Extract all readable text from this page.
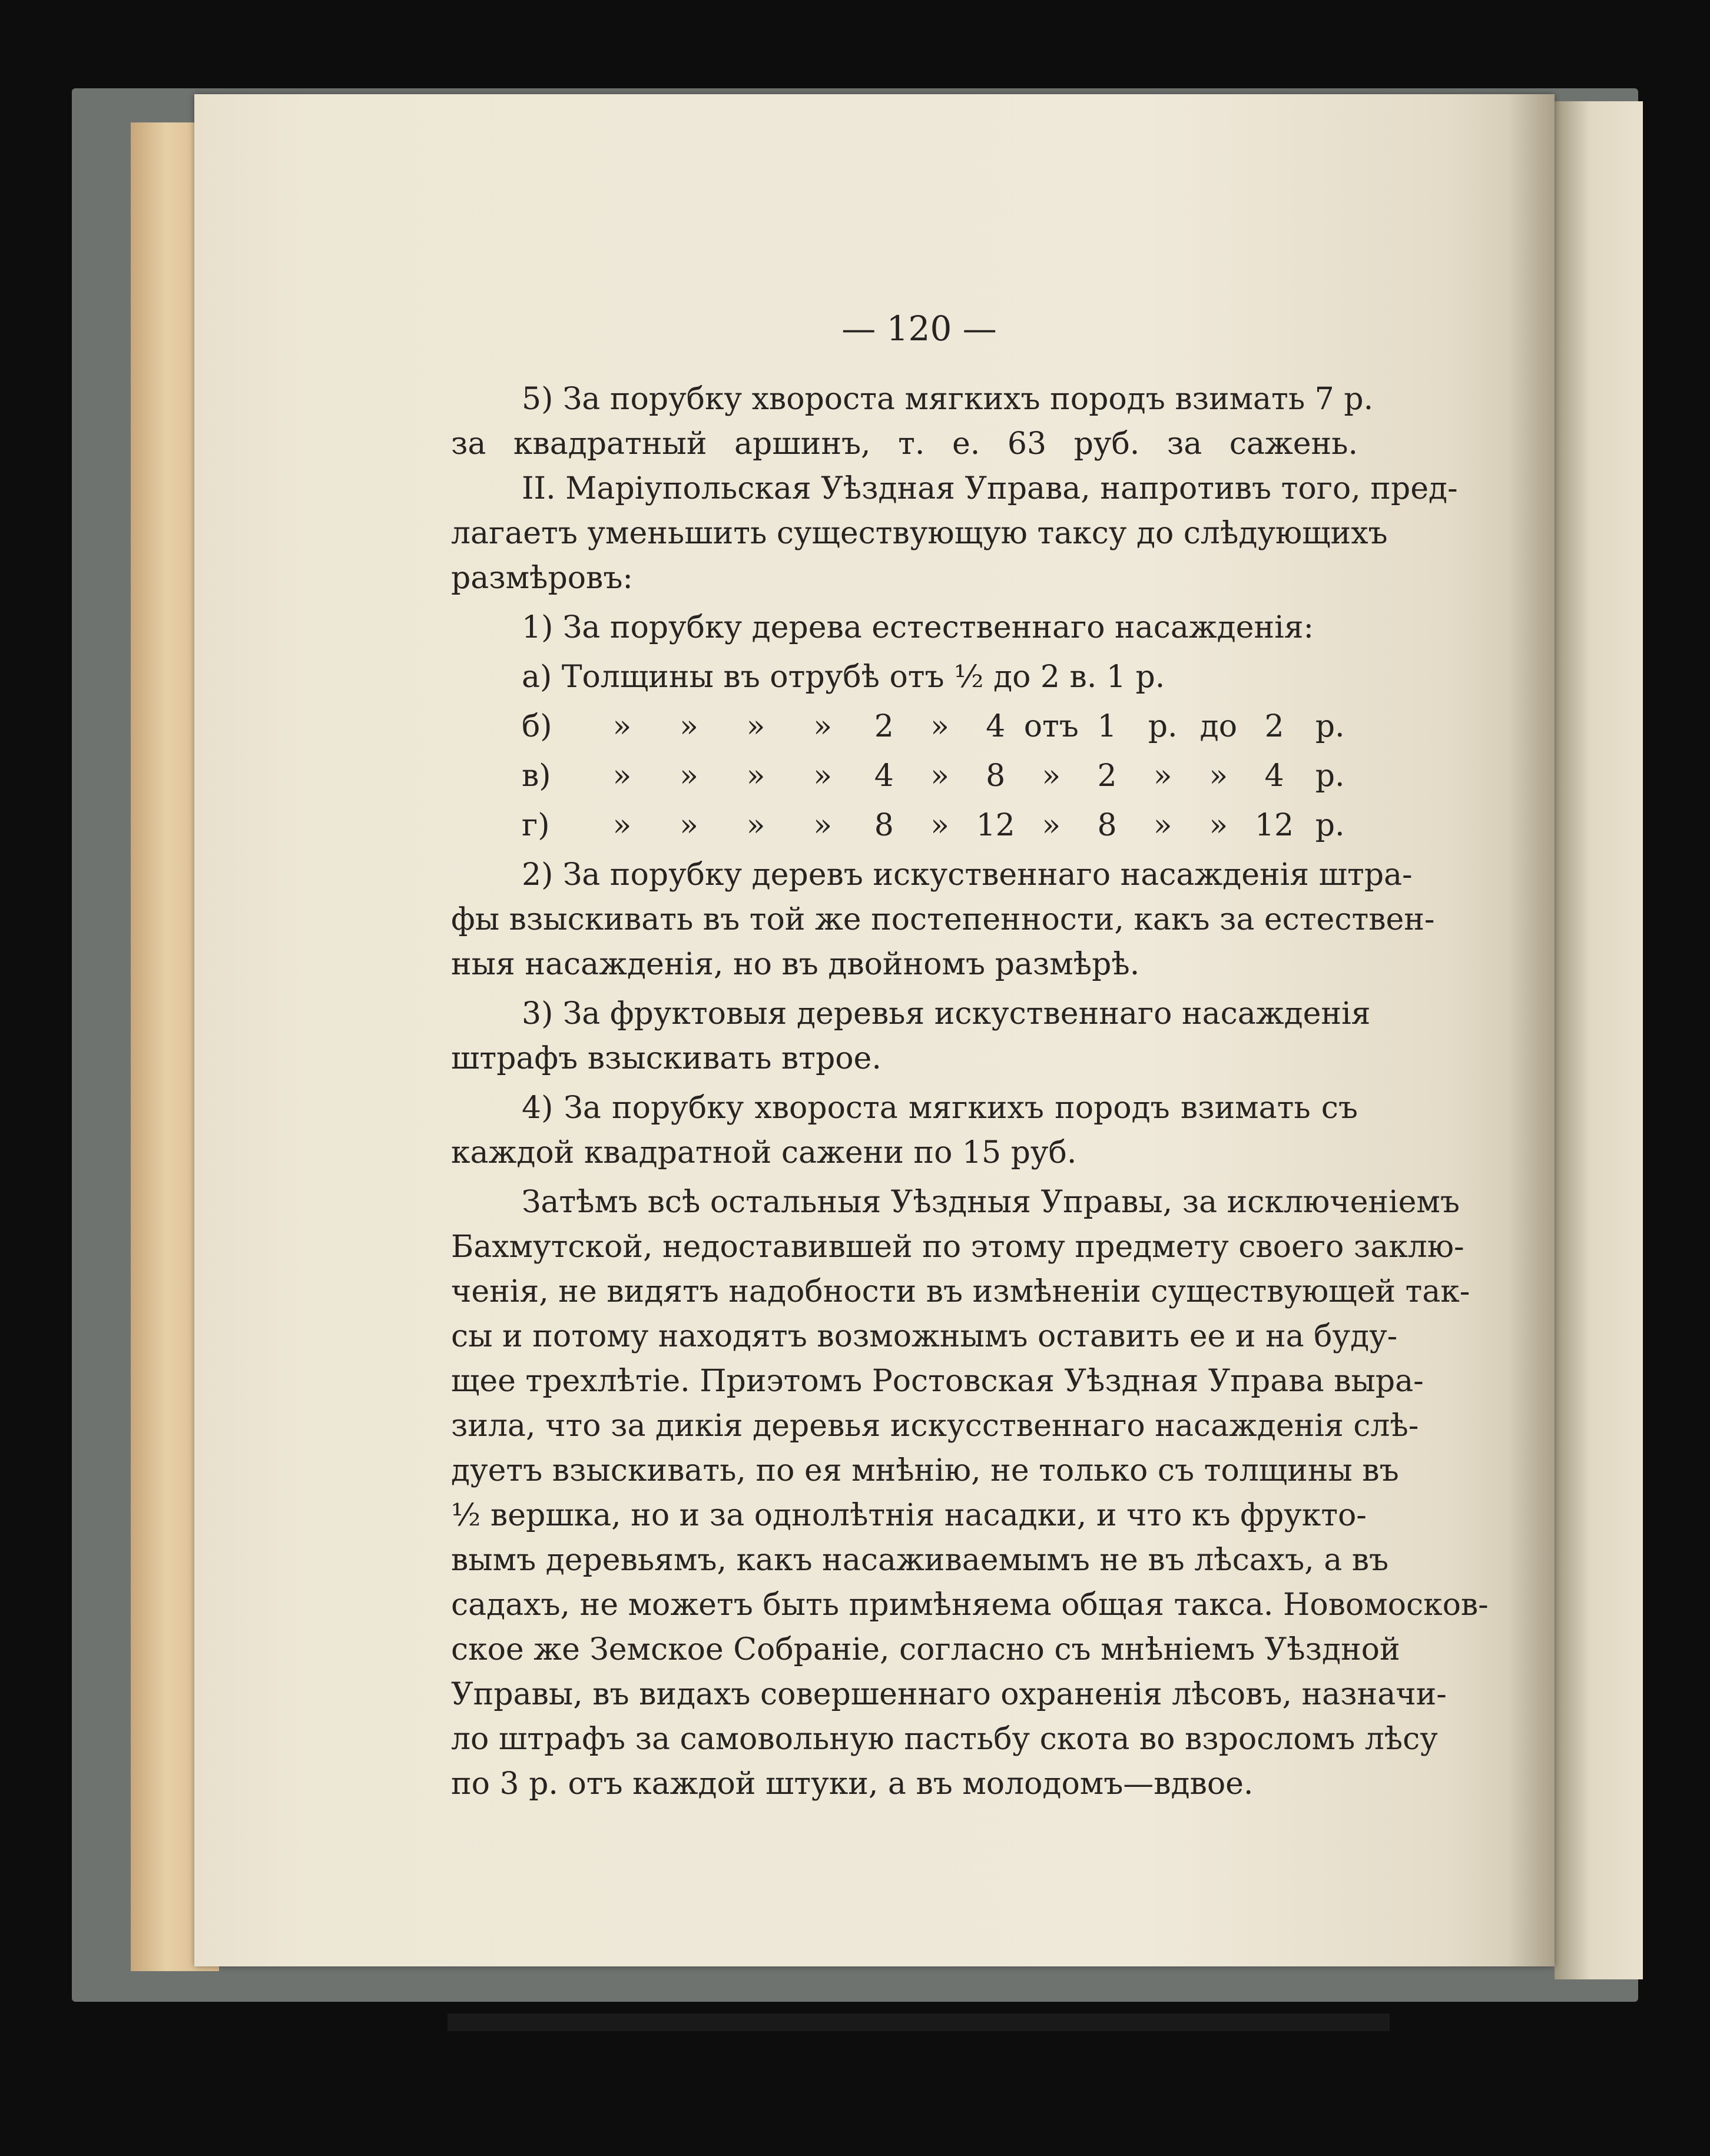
— 120 —

5) За порубку хвороста мягкихъ породъ взимать 7 р.

за квадратный аршинъ, т. е. 63 руб. за сажень.

II. Маріупольская Уѣздная Управа, напротивъ того, пред-

лагаетъ уменьшить существующую таксу до слѣдующихъ

размѣровъ:

1) За порубку дерева естественнаго насажденія:

а) Толщины въ отрубѣ отъ ½ до 2 в. 1 р.

б)	»	»	»	»	2	»	4 отъ 1	р. до 2	р.
в)	»	»	»	»	4	»	8	»	2	»	»	4	р.
г)	»	»	»	»	8	» 12 »	8	»	» 12 р.

2) За порубку деревъ искуственнаго насажденія штра-

фы взыскивать въ той же постепенности, какъ за естествен-

ныя насажденія, но въ двойномъ размѣрѣ.

3) За фруктовыя деревья искуственнаго насажденія

штрафъ взыскивать втрое.

4) За порубку хвороста мягкихъ породъ взимать съ

каждой квадратной сажени по 15 руб.

Затѣмъ всѣ остальныя Уѣздныя Управы, за исключеніемъ

Бахмутской, недоставившей по этому предмету своего заклю-

ченія, не видятъ надобности въ измѣненіи существующей так-

сы и потому находятъ возможнымъ оставить ее и на буду-

щее трехлѣтіе. Приэтомъ Ростовская Уѣздная Управа выра-

зила, что за дикія деревья искусственнаго насажденія слѣ-

дуетъ взыскивать, по ея мнѣнію, не только съ толщины въ

½ вершка, но и за однолѣтнія насадки, и что къ фрукто-

вымъ деревьямъ, какъ насаживаемымъ не въ лѣсахъ, а въ

садахъ, не можетъ быть примѣняема общая такса. Новомосков-

ское же Земское Собраніе, согласно съ мнѣніемъ Уѣздной

Управы, въ видахъ совершеннаго охраненія лѣсовъ, назначи-

ло штрафъ за самовольную пастьбу скота во взросломъ лѣсу

по 3 р. отъ каждой штуки, а въ молодомъ—вдвое.
